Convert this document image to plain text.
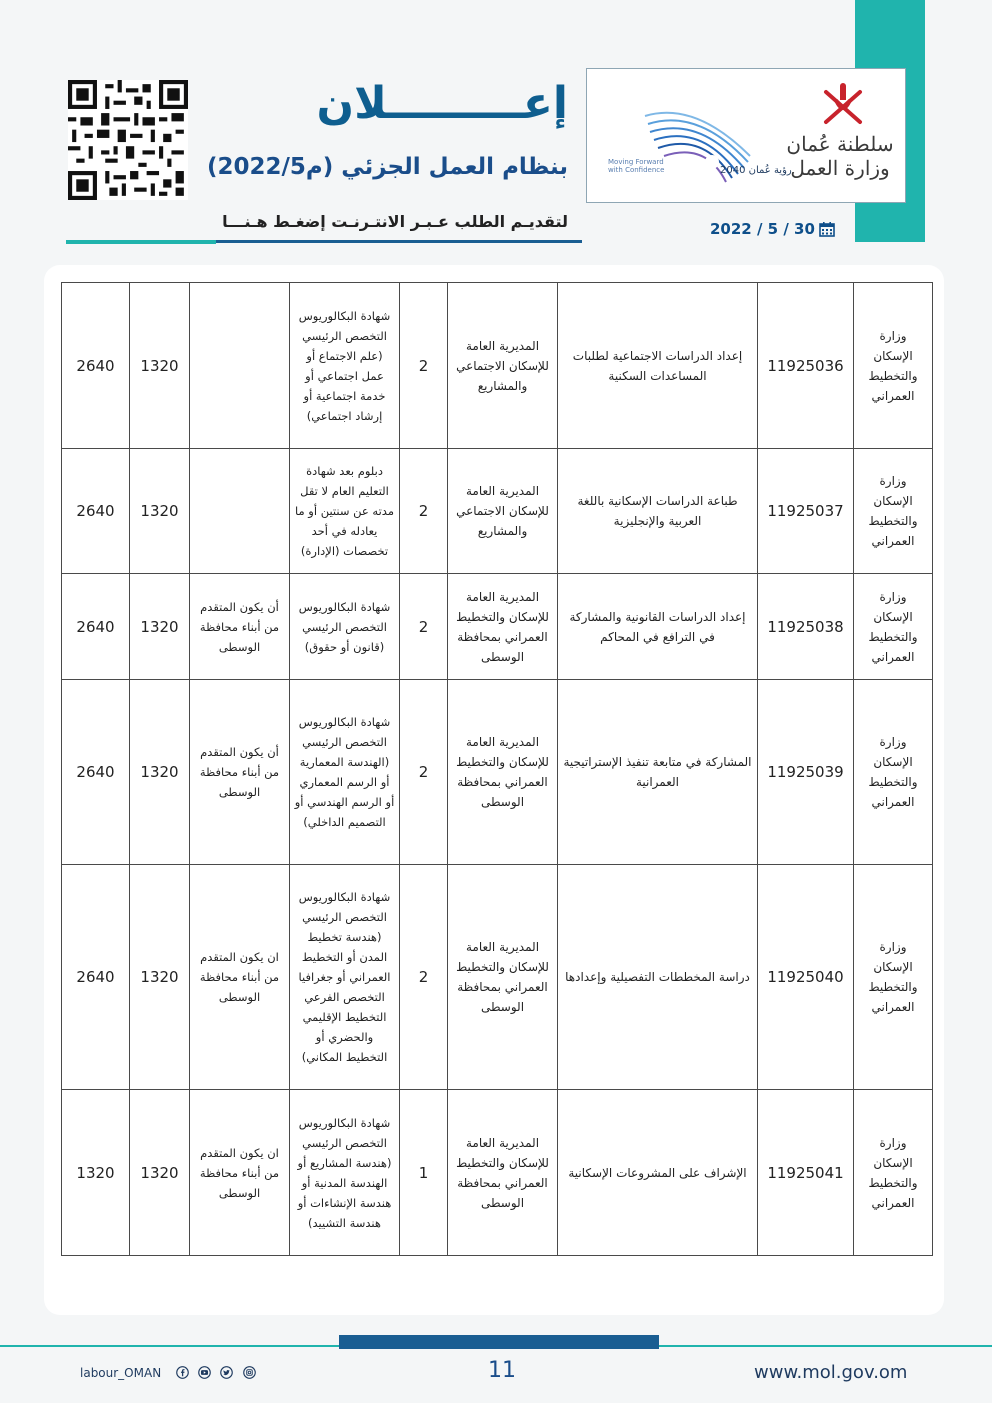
سلطنة عُمان
وزارة العمل
رؤية عُمان 2040
Moving Forward with Confidence
إعـــــــــلان
بنظام العمل الجزئي (م2022/5)
لتقديـم الطلب عـبـر الانتـرنـت إضغـط هـنـــا	2022 / 5 / 30
2640	1320		شهادة البكالوريوس التخصص الرئيسي (علم الاجتماع أو عمل اجتماعي أو خدمة اجتماعية أو إرشاد اجتماعي)	2	المديرية العامة للإسكان الاجتماعي والمشاريع	إعداد الدراسات الاجتماعية لطلبات المساعدات السكنية	11925036	وزارة الإسكان والتخطيط العمراني
2640	1320		دبلوم بعد شهادة التعليم العام لا تقل مدته عن سنتين أو ما يعادله في أحد تخصصات (الإدارة)	2	المديرية العامة للإسكان الاجتماعي والمشاريع	طباعة الدراسات الإسكانية باللغة العربية والإنجليزية	11925037	وزارة الإسكان والتخطيط العمراني
2640	1320	أن يكون المتقدم من أبناء محافظة الوسطى	شهادة البكالوريوس التخصص الرئيسي (قانون أو حقوق)	2	المديرية العامة للإسكان والتخطيط العمراني بمحافظة الوسطى	إعداد الدراسات القانونية والمشاركة في الترافع في المحاكم	11925038	وزارة الإسكان والتخطيط العمراني
2640	1320	أن يكون المتقدم من أبناء محافظة الوسطى	شهادة البكالوريوس التخصص الرئيسي (الهندسة المعمارية أو الرسم المعماري أو الرسم الهندسي أو التصميم الداخلي)	2	المديرية العامة للإسكان والتخطيط العمراني بمحافظة الوسطى	المشاركة في متابعة تنفيذ الإستراتيجية العمرانية	11925039	وزارة الإسكان والتخطيط العمراني
2640	1320	ان يكون المتقدم من أبناء محافظة الوسطى	شهادة البكالوريوس التخصص الرئيسي (هندسة تخطيط المدن أو التخطيط العمراني أو جغرافيا التخصص الفرعي التخطيط الإقليمي والحضري أو التخطيط المكاني)	2	المديرية العامة للإسكان والتخطيط العمراني بمحافظة الوسطى	دراسة المخططات التفصيلية وإعدادها	11925040	وزارة الإسكان والتخطيط العمراني
1320	1320	ان يكون المتقدم من أبناء محافظة الوسطى	شهادة البكالوريوس التخصص الرئيسي (هندسة المشاريع أو الهندسة المدنية أو هندسة الإنشاءات أو هندسة التشييد)	1	المديرية العامة للإسكان والتخطيط العمراني بمحافظة الوسطى	الإشراف على المشروعات الإسكانية	11925041	وزارة الإسكان والتخطيط العمراني
labour_OMAN	11	www.mol.gov.om
